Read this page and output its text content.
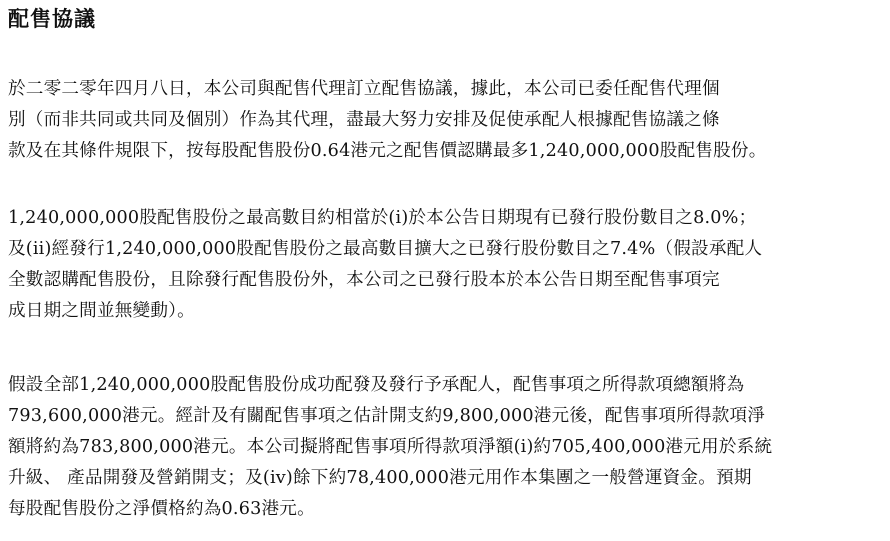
配售協議

於二零二零年四月八日，本公司與配售代理訂立配售協議，據此，本公司已委任配售代理個
別（而非共同或共同及個別）作為其代理，盡最大努力安排及促使承配人根據配售協議之條
款及在其條件規限下，按每股配售股份0.64港元之配售價認購最多1,240,000,000股配售股份。

1,240,000,000股配售股份之最高數目約相當於(i)於本公告日期現有已發行股份數目之8.0%；
及(ii)經發行1,240,000,000股配售股份之最高數目擴大之已發行股份數目之7.4%（假設承配人
全數認購配售股份，且除發行配售股份外，本公司之已發行股本於本公告日期至配售事項完
成日期之間並無變動）。

假設全部1,240,000,000股配售股份成功配發及發行予承配人，配售事項之所得款項總額將為
793,600,000港元。經計及有關配售事項之估計開支約9,800,000港元後，配售事項所得款項淨
額將約為783,800,000港元。本公司擬將配售事項所得款項淨額(i)約705,400,000港元用於系統
升級、 產品開發及營銷開支；及(iv)餘下約78,400,000港元用作本集團之一般營運資金。預期
每股配售股份之淨價格約為0.63港元。
